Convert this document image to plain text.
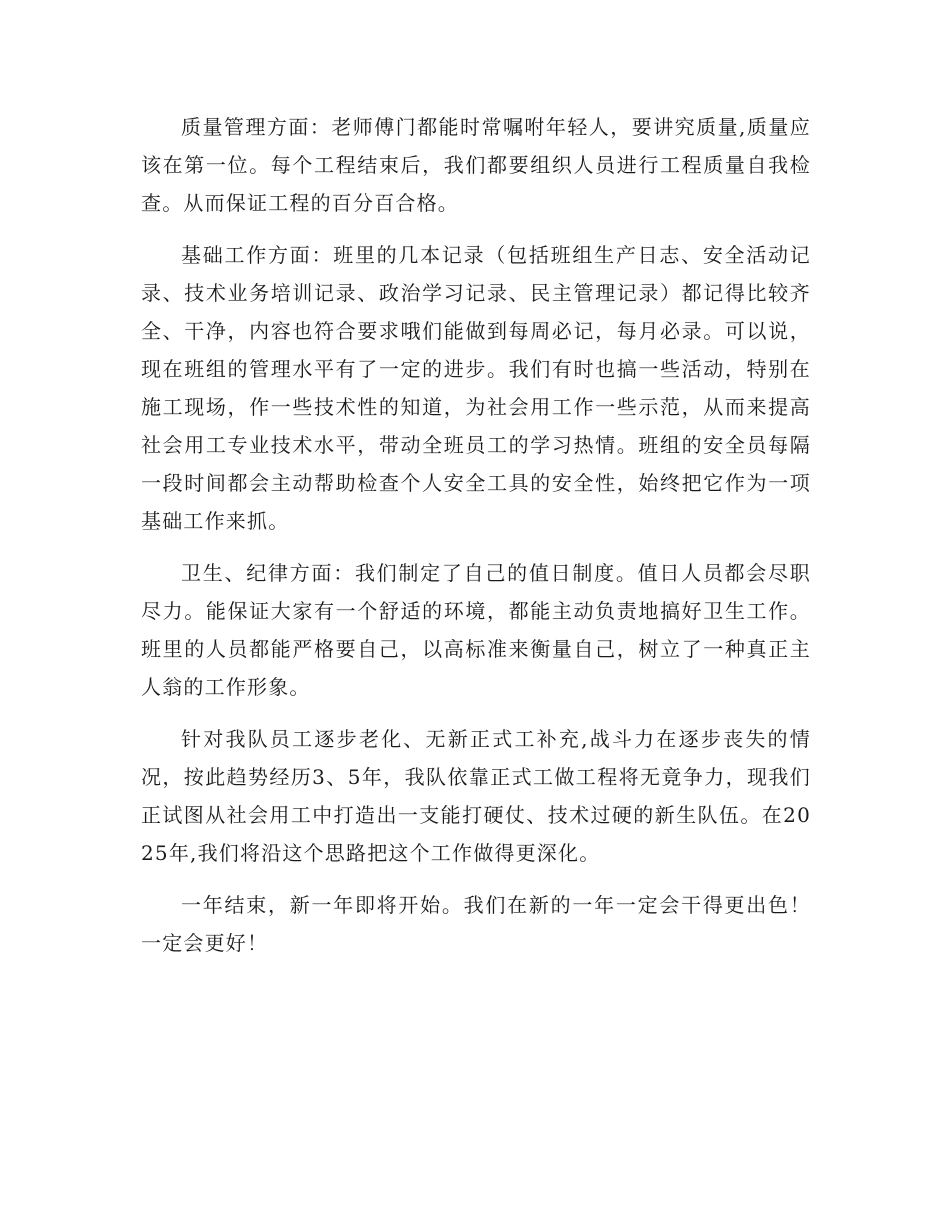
质量管理方面：老师傅门都能时常嘱咐年轻人，要讲究质量,质量应该在第一位。每个工程结束后，我们都要组织人员进行工程质量自我检查。从而保证工程的百分百合格。

基础工作方面：班里的几本记录（包括班组生产日志、安全活动记录、技术业务培训记录、政治学习记录、民主管理记录）都记得比较齐全、干净，内容也符合要求哦们能做到每周必记，每月必录。可以说，现在班组的管理水平有了一定的进步。我们有时也搞一些活动，特别在施工现场，作一些技术性的知道，为社会用工作一些示范，从而来提高社会用工专业技术水平，带动全班员工的学习热情。班组的安全员每隔一段时间都会主动帮助检查个人安全工具的安全性，始终把它作为一项基础工作来抓。

卫生、纪律方面：我们制定了自己的值日制度。值日人员都会尽职尽力。能保证大家有一个舒适的环境，都能主动负责地搞好卫生工作。班里的人员都能严格要自己，以高标准来衡量自己，树立了一种真正主人翁的工作形象。

针对我队员工逐步老化、无新正式工补充,战斗力在逐步丧失的情况，按此趋势经历3、5年，我队依靠正式工做工程将无竟争力，现我们正试图从社会用工中打造出一支能打硬仗、技术过硬的新生队伍。在2025年,我们将沿这个思路把这个工作做得更深化。

一年结束，新一年即将开始。我们在新的一年一定会干得更出色！一定会更好！
